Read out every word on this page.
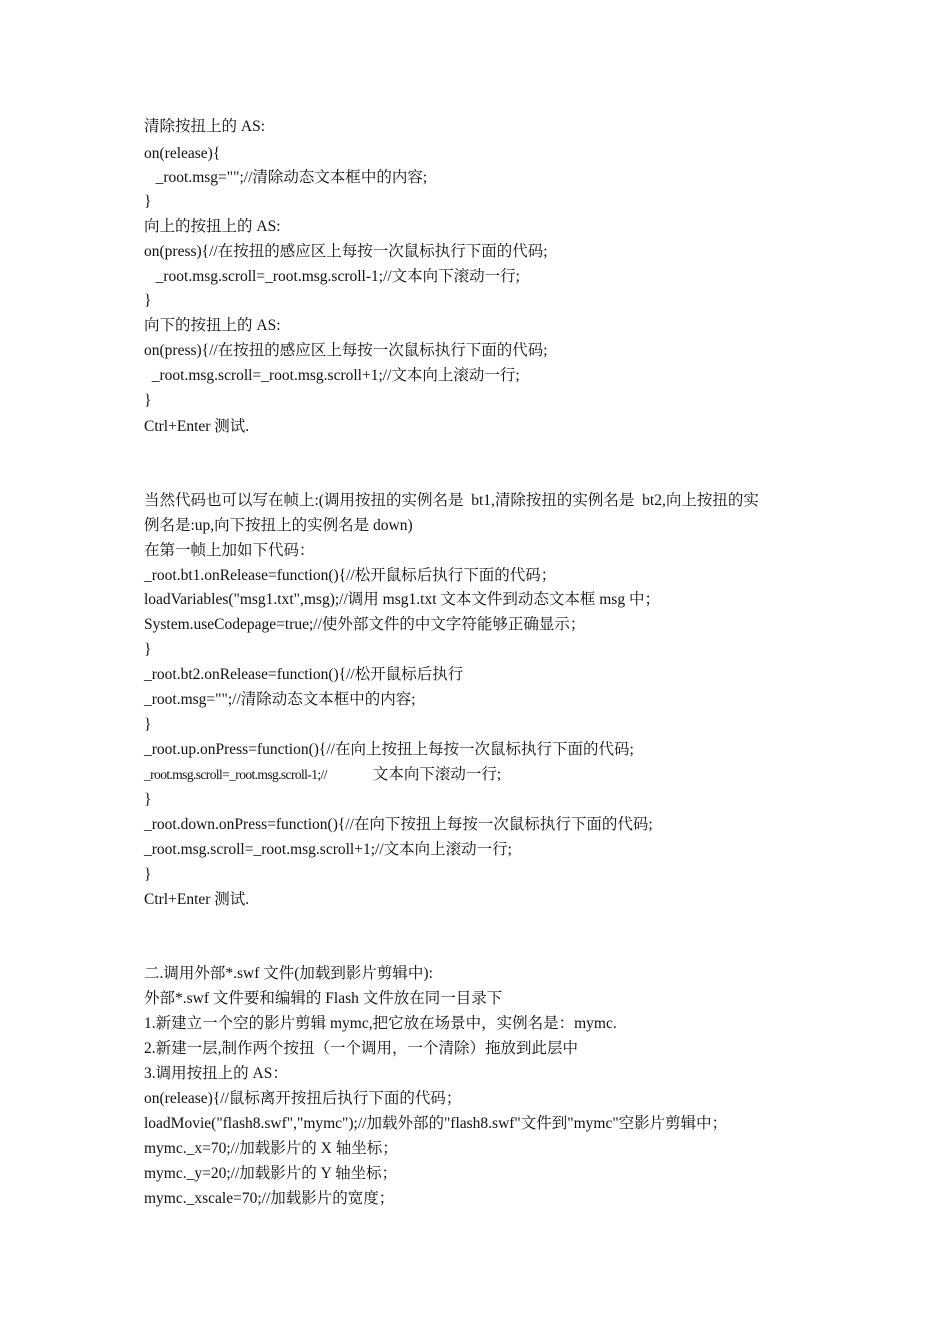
清除按扭上的 AS:
on(release){
_root.msg="";//清除动态文本框中的内容;
}
向上的按扭上的 AS:
on(press){//在按扭的感应区上每按一次鼠标执行下面的代码;
_root.msg.scroll=_root.msg.scroll-1;//文本向下滚动一行;
}
向下的按扭上的 AS:
on(press){//在按扭的感应区上每按一次鼠标执行下面的代码;
_root.msg.scroll=_root.msg.scroll+1;//文本向上滚动一行;
}
Ctrl+Enter 测试.
当然代码也可以写在帧上:(调用按扭的实例名是  bt1,清除按扭的实例名是  bt2,向上按扭的实
例名是:up,向下按扭上的实例名是 down)
在第一帧上加如下代码：
_root.bt1.onRelease=function(){//松开鼠标后执行下面的代码；
loadVariables("msg1.txt",msg);//调用 msg1.txt 文本文件到动态文本框 msg 中；
System.useCodepage=true;//使外部文件的中文字符能够正确显示；
}
_root.bt2.onRelease=function(){//松开鼠标后执行
_root.msg="";//清除动态文本框中的内容;
}
_root.up.onPress=function(){//在向上按扭上每按一次鼠标执行下面的代码;
_root.msg.scroll=_root.msg.scroll-1;//	文本向下滚动一行;
}
_root.down.onPress=function(){//在向下按扭上每按一次鼠标执行下面的代码;
_root.msg.scroll=_root.msg.scroll+1;//文本向上滚动一行;
}
Ctrl+Enter 测试.
二.调用外部*.swf 文件(加载到影片剪辑中):
外部*.swf 文件要和编辑的 Flash 文件放在同一目录下
1.新建立一个空的影片剪辑 mymc,把它放在场景中，实例名是：mymc.
2.新建一层,制作两个按扭（一个调用，一个清除）拖放到此层中
3.调用按扭上的 AS：
on(release){//鼠标离开按扭后执行下面的代码；
loadMovie("flash8.swf","mymc");//加载外部的"flash8.swf"文件到"mymc"空影片剪辑中；
mymc._x=70;//加载影片的 X 轴坐标；
mymc._y=20;//加载影片的 Y 轴坐标；
mymc._xscale=70;//加载影片的宽度；
